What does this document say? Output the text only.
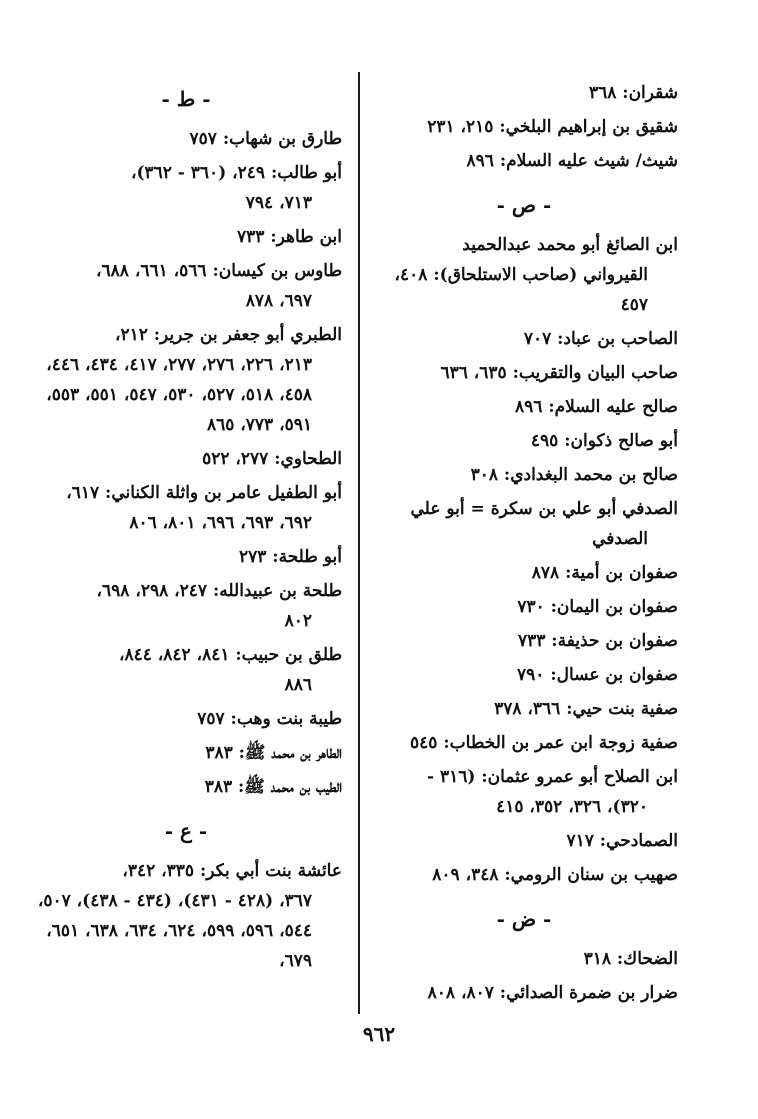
شقران: ٣٦٨
شقيق بن إبراهيم البلخي: ٢١٥، ٢٣١
شيث/ شيث عليه السلام: ٨٩٦
- ص -
ابن الصائغ أبو محمد عبدالحميد
القيرواني (صاحب الاستلحاق): ٤٠٨، ٤٥٧
الصاحب بن عباد: ٧٠٧
صاحب البيان والتقريب: ٦٣٥، ٦٣٦
صالح عليه السلام: ٨٩٦
أبو صالح ذكوان: ٤٩٥
صالح بن محمد البغدادي: ٣٠٨
الصدفي أبو علي بن سكرة = أبو علي
الصدفي
صفوان بن أمية: ٨٧٨
صفوان بن اليمان: ٧٣٠
صفوان بن حذيفة: ٧٣٣
صفوان بن عسال: ٧٩٠
صفية بنت حيي: ٣٦٦، ٣٧٨
صفية زوجة ابن عمر بن الخطاب: ٥٤٥
ابن الصلاح أبو عمرو عثمان: (٣١٦ -
٣٢٠)، ٣٢٦، ٣٥٢، ٤١٥
الصمادحي: ٧١٧
صهيب بن سنان الرومي: ٣٤٨، ٨٠٩
- ض -
الضحاك: ٣١٨
ضرار بن ضمرة الصدائي: ٨٠٧، ٨٠٨
- ط -
طارق بن شهاب: ٧٥٧
أبو طالب: ٢٤٩، (٣٦٠ - ٣٦٢)،
٧١٣، ٧٩٤
ابن طاهر: ٧٣٣
طاوس بن كيسان: ٥٦٦، ٦٦١، ٦٨٨،
٦٩٧، ٨٧٨
الطبري أبو جعفر بن جرير: ٢١٢،
٢١٣، ٢٢٦، ٢٧٦، ٢٧٧، ٤١٧، ٤٣٤، ٤٤٦، ٤٥٨، ٥١٨، ٥٢٧، ٥٣٠، ٥٤٧، ٥٥١، ٥٥٣، ٥٩١، ٧٧٣، ٨٦٥
الطحاوي: ٢٧٧، ٥٢٢
أبو الطفيل عامر بن واثلة الكناني: ٦١٧،
٦٩٢، ٦٩٣، ٦٩٦، ٨٠١، ٨٠٦
أبو طلحة: ٢٧٣
طلحة بن عبيدالله: ٢٤٧، ٢٩٨، ٦٩٨،
٨٠٢
طلق بن حبيب: ٨٤١، ٨٤٢، ٨٤٤،
٨٨٦
طيبة بنت وهب: ٧٥٧
الطاهر بن محمد ﷺ: ٣٨٣
الطيب بن محمد ﷺ: ٣٨٣
- ع -
عائشة بنت أبي بكر: ٣٣٥، ٣٤٢،
٣٦٧، (٤٢٨ - ٤٣١)، (٤٣٤ - ٤٣٨)، ٥٠٧، ٥٤٤، ٥٩٦، ٥٩٩، ٦٢٤، ٦٣٤، ٦٣٨، ٦٥١، ٦٧٩،
٩٦٢
